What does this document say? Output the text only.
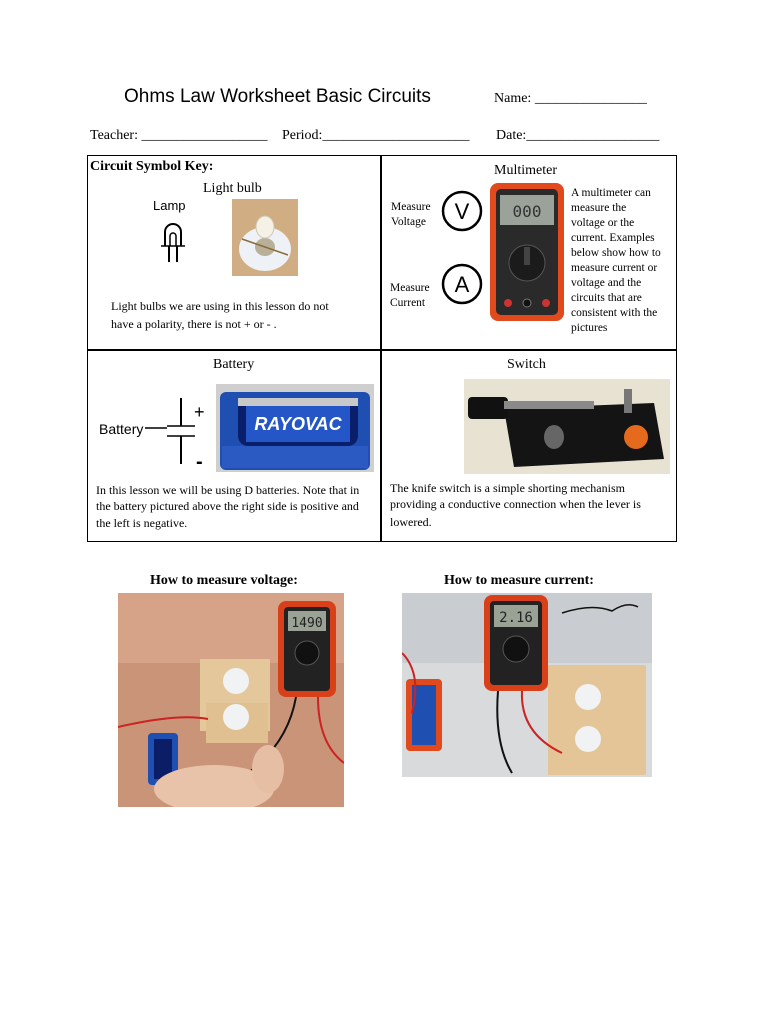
Ohms Law Worksheet Basic Circuits	Name: ________________
Teacher: __________________ Period:_____________________ Date:___________________
Circuit Symbol Key:
Light bulb
Lamp
Light bulbs we are using in this lesson do not
have a polarity, there is not + or - .
Multimeter
Measure
Voltage V
Measure
Current
A
000
A multimeter can
measure the
voltage or the
current. Examples
below show how to
measure current or
voltage and the
circuits that are
consistent with the
pictures
Battery
Battery
+
-
RAYOVAC
In this lesson we will be using D batteries. Note that in
the battery pictured above the right side is positive and
the left is negative.
Switch
The knife switch is a simple shorting mechanism
providing a conductive connection when the lever is
lowered.
How to measure voltage:	How to measure current:
1490	2.16
